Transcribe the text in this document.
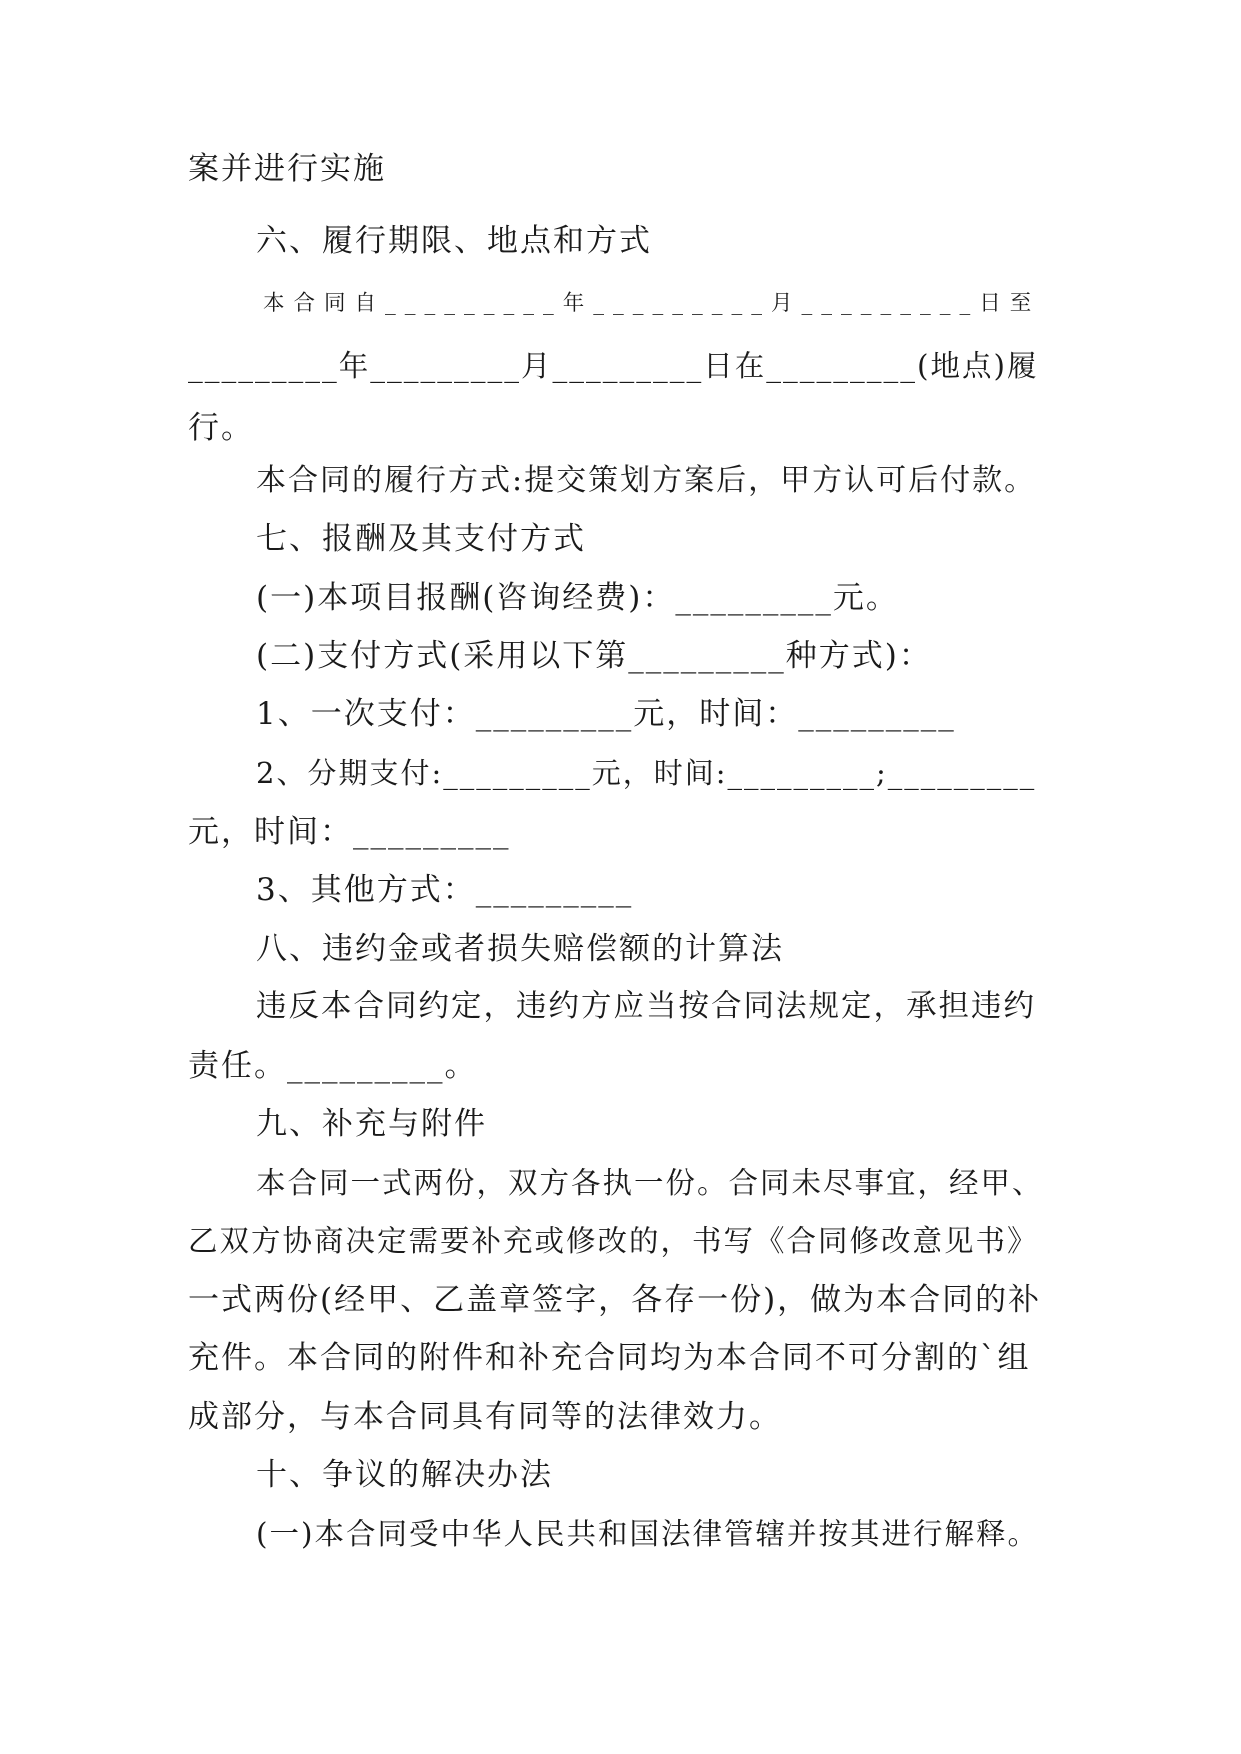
案并进行实施
六、履行期限、地点和方式
本合同自_________年_________月_________日至
_________年_________月_________日在_________(地点)履
行。
本合同的履行方式:提交策划方案后，甲方认可后付款。
七、报酬及其支付方式
(一)本项目报酬(咨询经费)：_________元。
(二)支付方式(采用以下第_________种方式)：
1、一次支付：_________元，时间：_________
2、分期支付:_________元，时间:_________;_________
元，时间：_________
3、其他方式：_________
八、违约金或者损失赔偿额的计算法
违反本合同约定，违约方应当按合同法规定，承担违约
责任。_________。
九、补充与附件
本合同一式两份，双方各执一份。合同未尽事宜，经甲、
乙双方协商决定需要补充或修改的，书写《合同修改意见书》
一式两份(经甲、乙盖章签字，各存一份)，做为本合同的补
充件。本合同的附件和补充合同均为本合同不可分割的`组
成部分，与本合同具有同等的法律效力。
十、争议的解决办法
(一)本合同受中华人民共和国法律管辖并按其进行解释。
